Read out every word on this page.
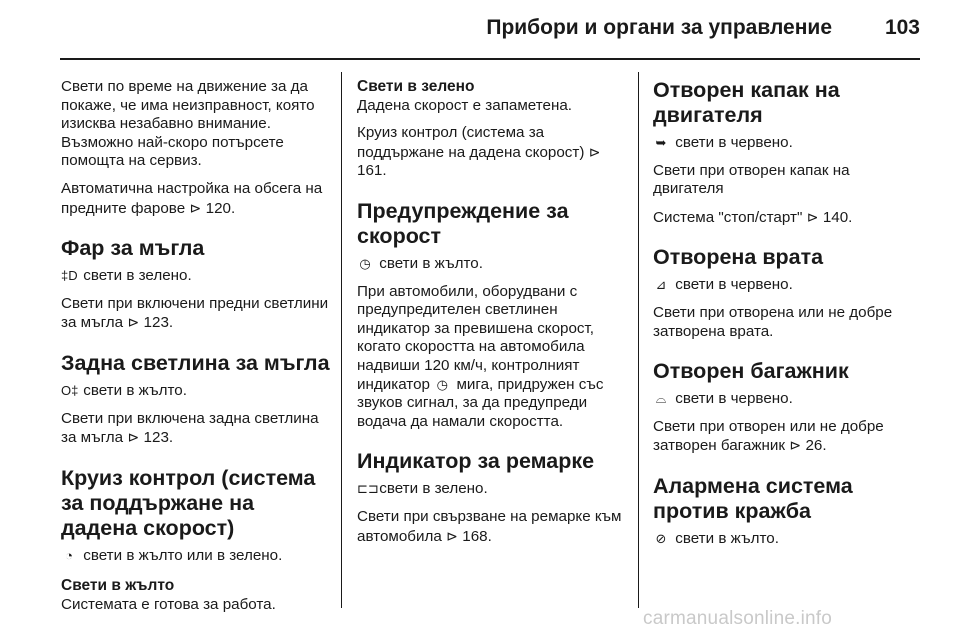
Прибори и органи за управление	103

Свети по време на движение за да покаже, че има неизправност, която изисква незабавно внимание. Възможно най-скоро потърсете помощта на сервиз.

Автоматична настройка на обсега на предните фарове ⊳ 120.

Фар за мъгла

‡D свети в зелено.

Свети при включени предни светлини за мъгла ⊳ 123.

Задна светлина за мъгла

O‡ свети в жълто.

Свети при включена задна светлина за мъгла ⊳ 123.

Круиз контрол (система за поддържане на дадена скорост)

◔ свети в жълто или в зелено.

Свети в жълто

Системата е готова за работа.

Свети в зелено

Дадена скорост е запаметена.

Круиз контрол (система за поддържане на дадена скорост) ⊳ 161.

Предупреждение за скорост

◷ свети в жълто.

При автомобили, оборудвани с предупредителен светлинен индикатор за превишена скорост, когато скоростта на автомобила надвиши 120 км/ч, контролният индикатор ◷ мига, придружен със звуков сигнал, за да предупреди водача да намали скоростта.

Индикатор за ремарке

⊏⊐ свети в зелено.

Свети при свързване на ремарке към автомобила ⊳ 168.

Отворен капак на двигателя

➥ свети в червено.

Свети при отворен капак на двигателя

Система "стоп/старт" ⊳ 140.

Отворена врата

⊿ свети в червено.

Свети при отворена или не добре затворена врата.

Отворен багажник

⌓ свети в червено.

Свети при отворен или не добре затворен багажник ⊳ 26.

Алармена система против кражба

⊘ свети в жълто.

carmanualsonline.info
